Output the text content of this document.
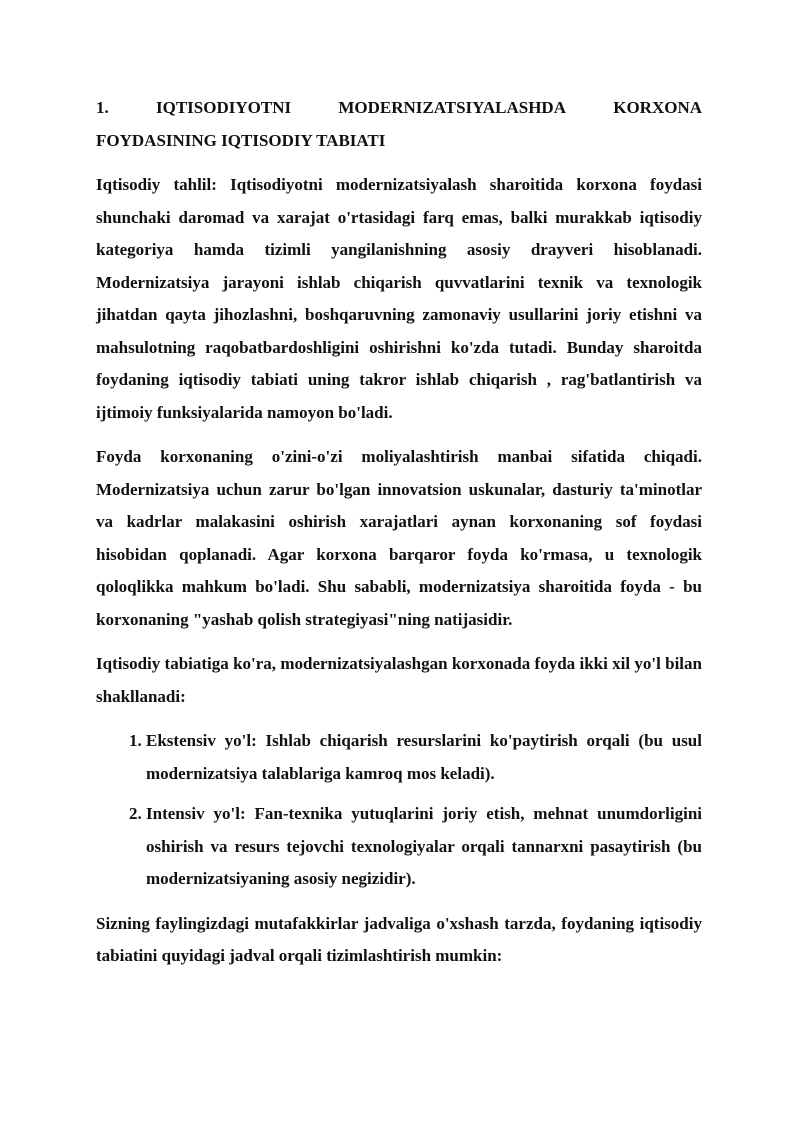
1.       IQTISODIYOTNI       MODERNIZATSIYALASHDA       KORXONA FOYDASINING IQTISODIY TABIATI

Iqtisodiy tahlil: Iqtisodiyotni modernizatsiyalash sharoitida korxona foydasi shunchaki daromad va xarajat o'rtasidagi farq emas, balki murakkab iqtisodiy kategoriya hamda tizimli yangilanishning asosiy drayveri hisoblanadi. Modernizatsiya jarayoni ishlab chiqarish quvvatlarini texnik va texnologik jihatdan qayta jihozlashni, boshqaruvning zamonaviy usullarini joriy etishni va mahsulotning raqobatbardoshligini oshirishni ko'zda tutadi. Bunday sharoitda foydaning iqtisodiy tabiati uning takror ishlab chiqarish , rag'batlantirish va ijtimoiy funksiyalarida namoyon bo'ladi.

Foyda korxonaning o'zini-o'zi moliyalashtirish manbai sifatida chiqadi. Modernizatsiya uchun zarur bo'lgan innovatsion uskunalar, dasturiy ta'minotlar va kadrlar malakasini oshirish xarajatlari aynan korxonaning sof foydasi hisobidan qoplanadi. Agar korxona barqaror foyda ko'rmasa, u texnologik qoloqlikka mahkum bo'ladi. Shu sababli, modernizatsiya sharoitida foyda - bu korxonaning "yashab qolish strategiyasi"ning natijasidir.

Iqtisodiy tabiatiga ko'ra, modernizatsiyalashgan korxonada foyda ikki xil yo'l bilan shakllanadi:

1. Ekstensiv yo'l: Ishlab chiqarish resurslarini ko'paytirish orqali (bu usul modernizatsiya talablariga kamroq mos keladi).
2. Intensiv yo'l: Fan-texnika yutuqlarini joriy etish, mehnat unumdorligini oshirish va resurs tejovchi texnologiyalar orqali tannarxni pasaytirish (bu modernizatsiyaning asosiy negizidir).

Sizning faylingizdagi mutafakkirlar jadvaliga o'xshash tarzda, foydaning iqtisodiy tabiatini quyidagi jadval orqali tizimlashtirish mumkin:
